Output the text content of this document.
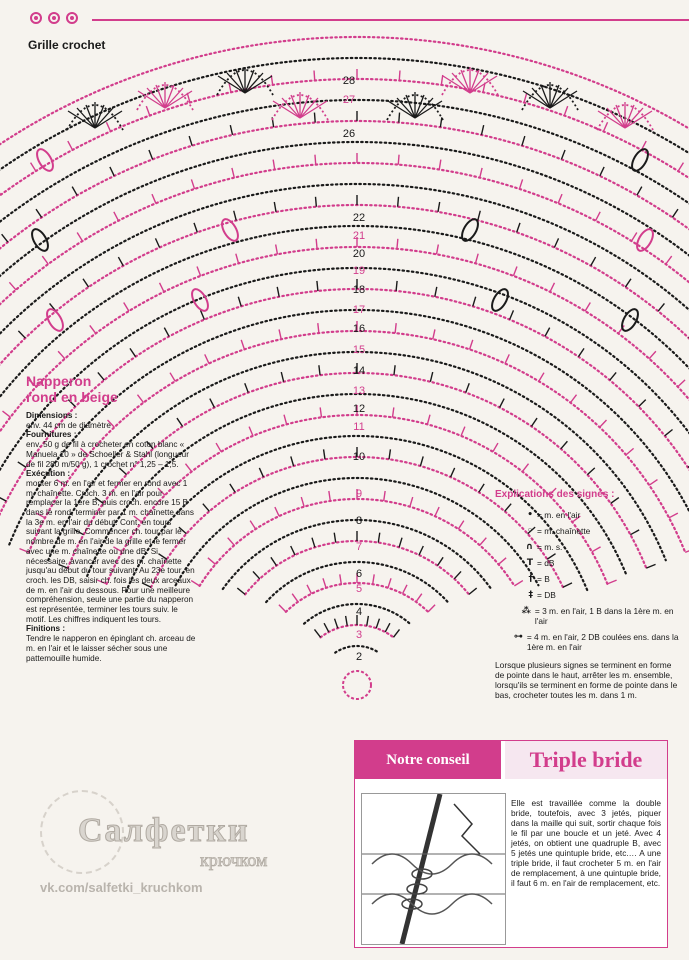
Grille crochet
2
3
4
5
6
7
8
9
10
11
12
13
14
15
16
17
18
19
20
21
22
26
27
28
Napperon
rond en beige
Dimensions :

env. 44 cm de diamètre

Fournitures :

env. 50 g de fil à crocheter en coton blanc « Manuela 10 » de Schoeller & Stahl (longueur de fil 280 m/50 g), 1 crochet n° 1,25 – 1,5.

Exécution :

monter 6 m. en l'air et fermer en rond avec 1 m. chaînette. Croch. 3 m. en l'air pour remplacer la 1ère B, puis croch. encore 15 B dans le rond, terminer par 1 m. chaînette dans la 3e m. en l'air du début. Cont. en tours suivant la grille. Commencer ch. tour par le nombre de m. en l'air de la grille et le fermer avec une m. chaînette ou une dB. Si nécessaire, avancer avec des m. chaînette jusqu'au début du tour suivant. Au 23e tour, en croch. les DB, saisir ch. fois les deux arceaux de m. en l'air du dessous. Pour une meilleure compréhension, seule une partie du napperon est représentée, terminer les tours suiv. le motif. Les chiffres indiquent les tours.

Finitions :

Tendre le napperon en épinglant ch. arceau de m. en l'air et le laisser sécher sous une pattemouille humide.

Explications des signes :
• = m. en l'air
◦ = m. chaînette
∩ = m. s.
T = dB
† = B
‡ = DB
⁂ = 3 m. en l'air, 1 B dans la 1ère m. en l'air
⊶ = 4 m. en l'air, 2 DB coulées ens. dans la 1ère m. en l'air

Lorsque plusieurs signes se terminent en forme de pointe dans le haut, arrêter les m. ensemble, lorsqu'ils se terminent en forme de pointe dans le bas, crocheter toutes les m. dans 1 m.

Notre conseil	Triple bride

Elle est travaillée comme la double bride, toutefois, avec 3 jetés, piquer dans la maille qui suit, sortir chaque fois le fil par une boucle et un jeté. Avec 4 jetés, on obtient une quadruple B, avec 5 jetés une quintuple bride, etc.… A une triple bride, il faut crocheter 5 m. en l'air de remplacement, à une quintuple bride, il faut 6 m. en l'air de remplacement, etc.

Салфетки
крючком
vk.com/salfetki_kruchkom
